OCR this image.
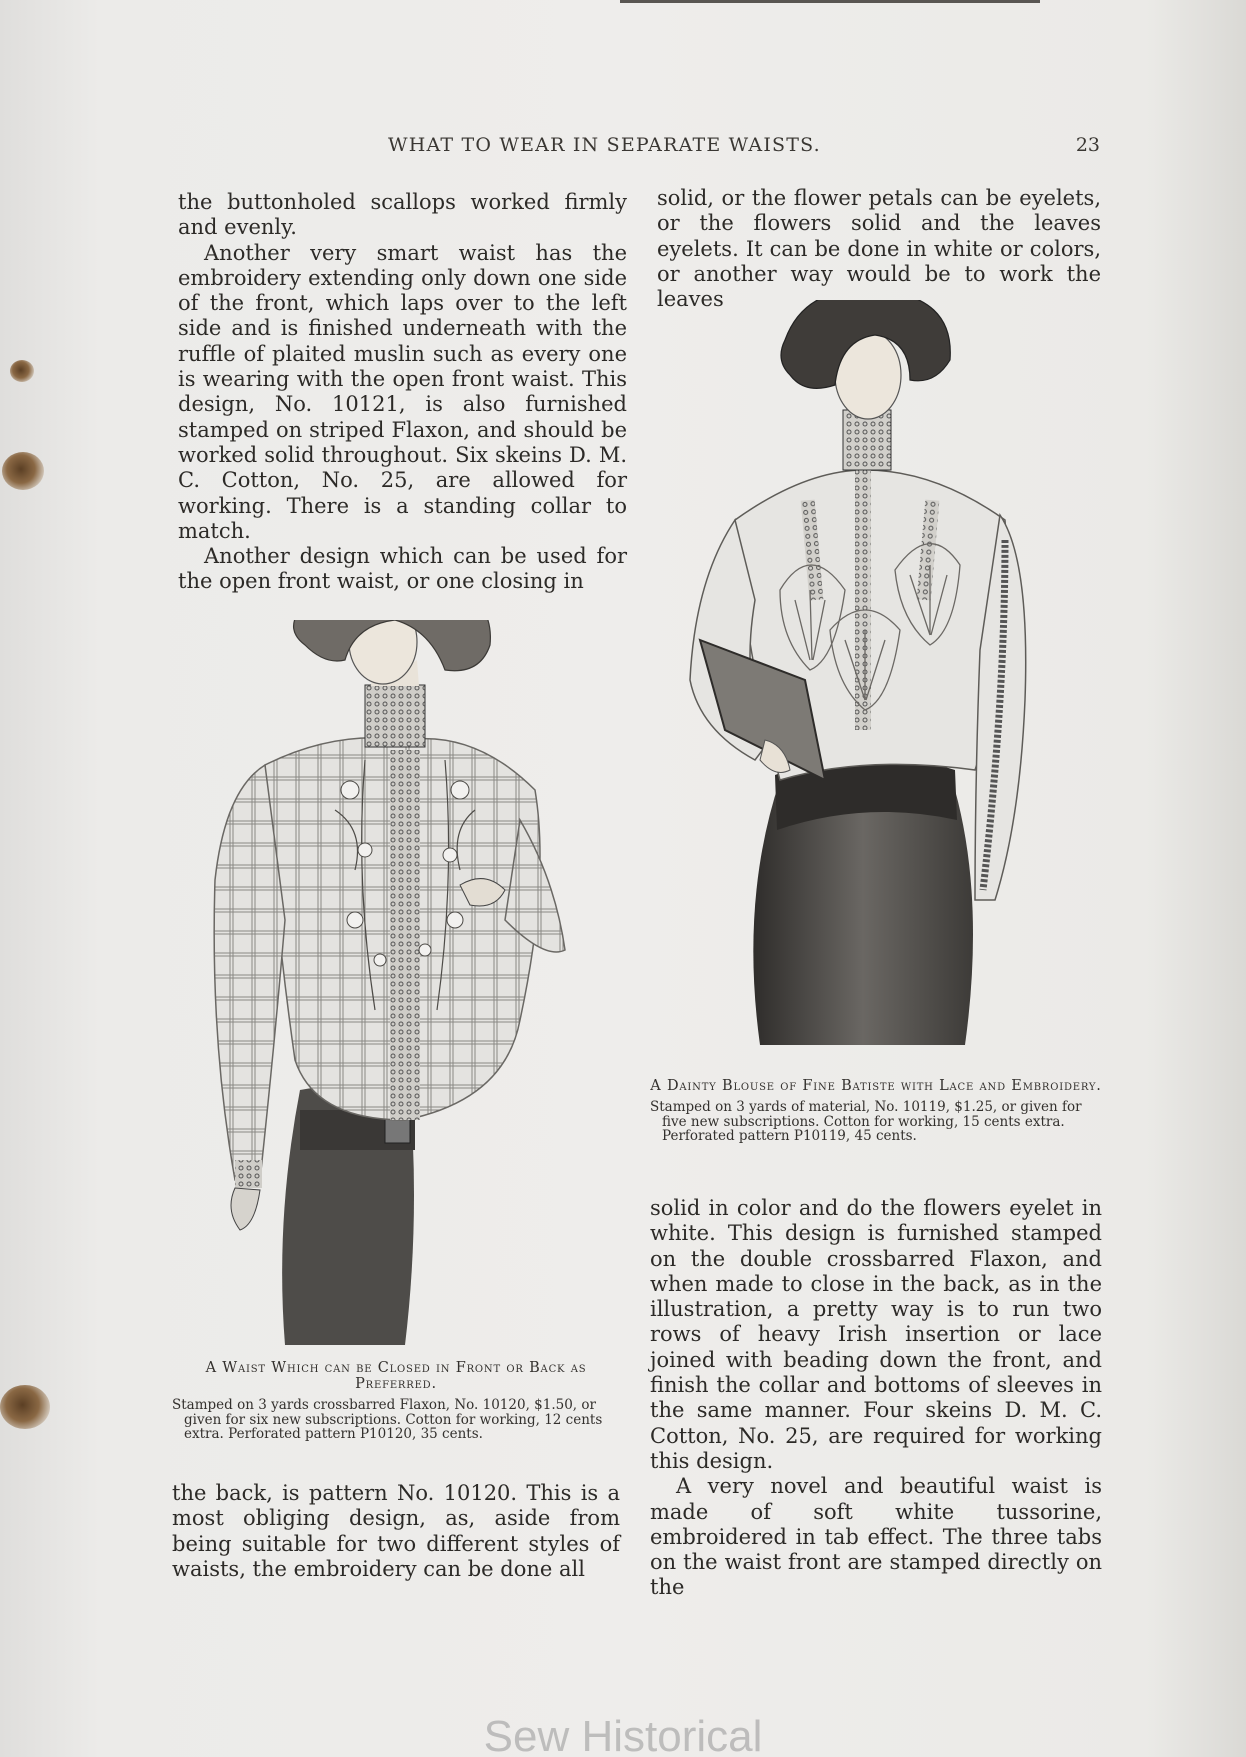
WHAT TO WEAR IN SEPARATE WAISTS.	23

the buttonholed scallops worked firmly and evenly.

Another very smart waist has the embroidery extending only down one side of the front, which laps over to the left side and is finished underneath with the ruffle of plaited muslin such as every one is wearing with the open front waist. This design, No. 10121, is also furnished stamped on striped Flaxon, and should be worked solid throughout. Six skeins D. M. C. Cotton, No. 25, are allowed for working. There is a standing collar to match.

Another design which can be used for the open front waist, or one closing in

solid, or the flower petals can be eyelets, or the flowers solid and the leaves eyelets. It can be done in white or colors, or another way would be to work the leaves

A Waist Which can be Closed in Front or Back as Preferred.
Stamped on 3 yards crossbarred Flaxon, No. 10120, $1.50, or given for six new subscriptions. Cotton for working, 12 cents extra. Perforated pattern P10120, 35 cents.
A Dainty Blouse of Fine Batiste with Lace and Embroidery.
Stamped on 3 yards of material, No. 10119, $1.25, or given for five new subscriptions. Cotton for working, 15 cents extra. Perforated pattern P10119, 45 cents.

the back, is pattern No. 10120. This is a most obliging design, as, aside from being suitable for two different styles of waists, the embroidery can be done all

solid in color and do the flowers eyelet in white. This design is furnished stamped on the double crossbarred Flaxon, and when made to close in the back, as in the illustration, a pretty way is to run two rows of heavy Irish insertion or lace joined with beading down the front, and finish the collar and bottoms of sleeves in the same manner. Four skeins D. M. C. Cotton, No. 25, are required for working this design.

A very novel and beautiful waist is made of soft white tussorine, embroidered in tab effect. The three tabs on the waist front are stamped directly on the

Sew Historical
